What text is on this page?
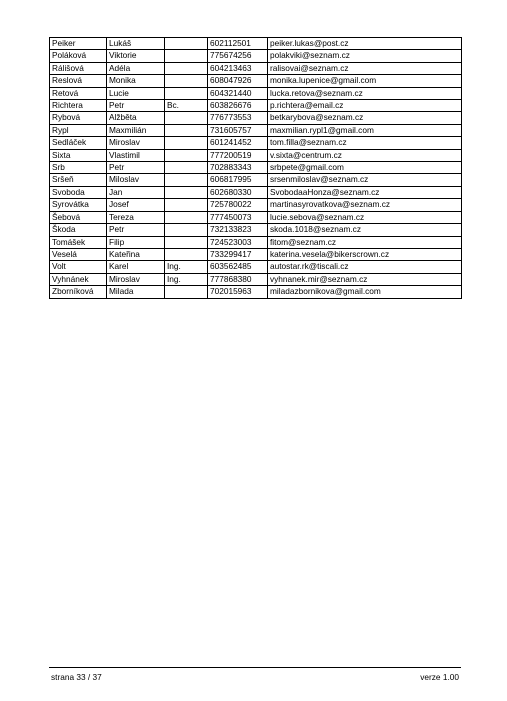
Peiker	Lukáš		602112501	peiker.lukas@post.cz
Poláková	Viktorie		775674256	polakviki@seznam.cz
Rálišová	Adéla		604213463	ralisovai@seznam.cz
Reslová	Monika		608047926	monika.lupenice@gmail.com
Retová	Lucie		604321440	lucka.retova@seznam.cz
Richtera	Petr	Bc.	603826676	p.richtera@email.cz
Rybová	Alžběta		776773553	betkarybova@seznam.cz
Rypl	Maxmilián		731605757	maxmilian.rypl1@gmail.com
Sedláček	Miroslav		601241452	tom.filla@seznam.cz
Sixta	Vlastimil		777200519	v.sixta@centrum.cz
Srb	Petr		702883343	srbpete@gmail.com
Sršeň	Miloslav		606817995	srsenmiloslav@seznam.cz
Svoboda	Jan		602680330	SvobodaaHonza@seznam.cz
Syrovátka	Josef		725780022	martinasyrovatkova@seznam.cz
Šebová	Tereza		777450073	lucie.sebova@seznam.cz
Škoda	Petr		732133823	skoda.1018@seznam.cz
Tomášek	Filip		724523003	fitom@seznam.cz
Veselá	Kateřina		733299417	katerina.vesela@bikerscrown.cz
Volt	Karel	Ing.	603562485	autostar.rk@tiscali.cz
Vyhnánek	Miroslav	Ing.	777868380	vyhnanek.mir@seznam.cz
Zborníková	Milada		702015963	miladazbornikova@gmail.com
strana 33 / 37	verze 1.00
